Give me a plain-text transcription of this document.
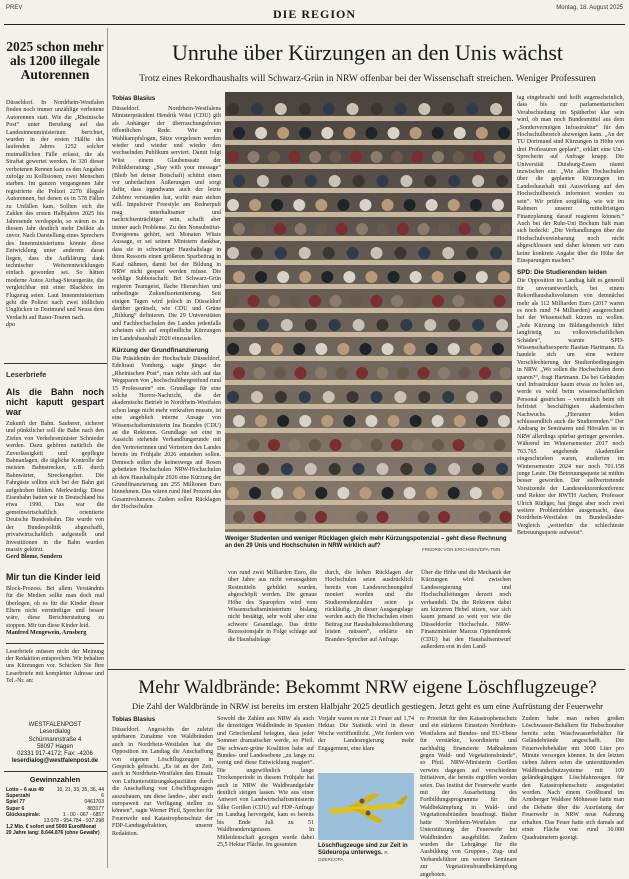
PREV	DIE REGION	Montag, 18. August 2025
2025 schon mehr als 1200 illegale Autorennen

Düsseldorf. In Nordrhein-Westfalen finden noch immer unzählige verbotene Autorennen statt. Wie die „Rheinische Post“ unter Berufung auf das Landesinnenministerium berichtet, wurden in der ersten Hälfte des laufenden Jahres 1252 solcher mutmaßlichen Fälle erfasst, die als Straftat gewertet werden. In 320 dieser verbotenen Rennen kam es den Angaben zufolge zu Kollisionen, zwei Menschen starben. Im ganzen vergangenen Jahr registrierte die Polizei 2270 illegale Autorennen, bei denen es in 578 Fällen zu Unfällen kam. Sollten sich die Zahlen des ersten Halbjahres 2025 bis Jahresende verdoppeln, so wären es in diesem Jahr deutlich mehr Delikte als zuvor. Nach Darstellung eines Sprechers des Innenministeriums könnte diese Entwicklung unter anderem daran liegen, dass die Aufklärung dank technischer Weiterentwicklungen einfach geworden sei. So hätten moderne Autos Airbag-Steuergeräte, die vergleichbar mit einer Blackbox im Flugzeug seien. Laut Innenministerium geht die Polizei nach zwei tödlichen Unglücken in Dortmund und Neuss dem Verdacht auf Raser-Touren nach.

dpa

Leserbriefe
Als die Bahn noch nicht kaputt gespart war

Zukunft der Bahn. Sauberer, sicherer und pünktlicher soll die Bahn nach den Zielen von Verkehrsminister Schnieder werden. Dazu gehören natürlich die Zuverlässigkeit und gepflegte Bahnanlagen, die tägliche Kontrolle der meisten Bahnstrecken, z.B. durch Bahnwärter, Streckengeher. Die Fahrgäste sollten sich bei der Bahn gut aufgehoben fühlen. Merkwürdig: Diese Eisenbahn hatten wir in Deutschland bis etwa 1990. Das war die gemeinwirtschaftlich orientierte Deutsche Bundesbahn. Die wurde von der Bundespolitik abgeschafft, privatwirtschaftlich aufgestellt und Investitionen in die Bahn wurden massiv gekürzt.

Gerd Blome, Sundern

Mir tun die Kinder leid

Block-Prozess. Bei allem Verständnis für die Medien sollte man doch mal überlegen, ob es für die Kinder dieser Eltern nicht vernünftiger und besser wäre, diese Berichterstattung zu stoppen. Mir tun diese Kinder leid.

Manfred Mengewein, Arnsberg

Leserbriefe müssen nicht der Meinung der Redaktion entsprechen. Wir behalten uns Kürzungen vor. Schicken Sie Ihre Leserbriefe mit kompletter Adresse und Tel.-Nr. an:

WESTFALENPOST
Leserdialog
Schürmannstraße 4
58097 Hagen
02331 917-4172; Fax: -4206
leserdialog@westfalenpost.de
Gewinnzahlen
Lotto – 6 aus 49	10, 21, 33, 35, 36, 44
Superzahl	6
Spiel 77	0461703
Super 6	883177
Glücksspirale:	1 - 00 - 067 - 6857
13.078 - 954.784 - 937.298
1,2 Mio. € sofort und 5000 Euro/Monat
20 Jahre lang: 8.644.876 (ohne Gewähr)
Unruhe über Kürzungen an den Unis wächst
Trotz eines Rekordhaushalts will Schwarz-Grün in NRW offenbar bei der Wissenschaft streichen. Weniger Professuren
Tobias Blasius

Düsseldorf. Nordrhein-Westfalens Ministerpräsident Hendrik Wüst (CDU) gilt als Anhänger der überraschungsfreien öffentlichen Rede. Wie ein Wahlkampfslogan, Sätze vorgelesen werden wieder und wieder und wieder den wechselnden Publikum serviert. Damit folgt Wüst einem Glaubenssatz der Politikberatung: „Stay with your message“ (Bleib bei deiner Botschaft) schützt einen vor unbedachten Äußerungen und sorgt dafür, dass irgendwann auch der letzte Zuhörer verstanden hat, wofür man stehen will. Impulsiver Freestyle am Rednerpult mag unterhaltsamer und nachrichtenträchtiger sein, schafft aber immer auch Probleme. Zu den Nonsubstitut-Evergreens gehört, seit Monaten Wüsts Aussage, er sei seinen Ministern dankbar, dass sie in schwieriger Haushaltslage in ihren Ressorts einen größeren Sparbeitrag in Kauf nähmen, damit bei der Bildung in NRW nicht gespart werden müsse. Die wohlige Subbotschaft: Bei Schwarz-Grün regieren Teamgeist, flache Hierarchien und unbedingte Zukunftsorientierung. Seit einigen Tagen wird jedoch in Düsseldorf darüber gerätselt, wie CDU und Grüne „Bildung“ definieren. Die 29 Universitäten und Fachhochschulen des Landes jedenfalls scheinen sich auf empfindliche Kürzungen im Landeshaushalt 2026 einzustellen.

Kürzung der Grundfinanzierung

Die Präsidentin der Hochschule Düsseldorf, Edeltraut Vomberg, sagte jüngst der „Rheinischen Post“, man richte sich auf das Wegsparen von „hochschulübergreifend rund 15 Professuren“ ein. Grundlage für eine solche Horror-Nachricht, die der akademische Betrieb in Nordrhein-Westfalen schon lange nicht mehr verkraften musste, ist eine angeblich interne Ansage von Wissenschaftsministerin Ina Brandes (CDU) an die Rektoren. Grundlage sei eine in Aussicht stehende Verhandlungsrunde mit den Vertreterinnen und Vertretern des Landes bereits im Frühjahr 2026 entstehen sollen. Dennoch sollen die keineswegs auf Rosen gebetteten Hochschulen NRW-Hochschulen ab dem Haushaltsjahr 2026 eine Kürzung der Grundfinanzierung um 255 Millionen Euro hinnehmen. Das wären rund fünf Prozent des Gesamtvolumens. Zudem sollen Rücklagen der Hochschulen

Weniger Studenten und weniger Rücklagen gleich mehr Kürzungspotenzial – geht diese Rechnung an den 29 Unis und Hochschulen in NRW wirklich auf?
FREDRIK VON ERICHSEN/DPA-TMN

von rund zwei Milliarden Euro, die über Jahre aus nicht verausgabten Restmitteln gebildet wurden, abgeschöpft werden. Die genaue Höhe des Sparopfers wird vom Wissenschaftsministerium bislang nicht bestätigt, sehr wohl aber eine schwere Gesamtlage. Das dritte Rezessionsjahr in Folge schlage auf die Haushaltslage

durch, die hohen Rücklagen der Hochschulen seien ausdrücklich bereits vom Landesrechnungshof moniert worden und die Studierendenzahlen seien ja rückläufig. „In dieser Ausgangslage werden auch die Hochschulen einen Beitrag zur Haushaltskonsolidierung leisten müssen“, erklärte ein Brandes-Sprecher auf Anfrage.

Über die Höhe und die Mechanik der Kürzungen wird zwischen Landesregierung und Hochschulleitungen derzeit noch verhandelt. Da die Rektoren dabei am kürzeren Hebel sitzen, war sich kaum jemand so weit vor wie die Düsseldorfer Hochschule. NRW-Finanzminister Marcus Optendenrek (CDU) hat den Haushaltsentwurf außerdem erst in den Land-

tag eingebracht und hofft augenscheinlich, dass bis zur parlamentarischen Verabschiedung im Spätherbst klar sein wird, ob man noch Bundesmittel aus dem „Sondervermögen Infrastruktur“ für den Hochschulbereich abzweigen kann. „An der TU Dortmund sind Kürzungen in Höhe von drei Professuren geplant“, erklärt eine Uni-Sprecherin auf Anfrage knapp. Die Universität Duisburg-Essen räumt inzwischen ein: „Wie allen Hochschulen über die geplanten Kürzungen im Landeshaushalt mit Auswirkung auf den Hochschulbereich informiert worden zu sein“. Wir prüfen sorgfältig, wie wir im Rahmen unserer mittelfristigen Finanzplanung darauf reagieren können.“ Auch bei der Ruhr-Uni Bochum hält man sich bedeckt: „Die Verhandlungen über die Hochschulvereinbarung noch nicht abgeschlossen und daher können wir zum keine konkrete Angabe über die Höhe der Einsparungen machen.“

SPD: Die Studierenden leiden

Die Opposition im Landtag hält es generell für unverantwortlich, bei einem Rekordhaushaltsvolumen von demnächst mehr als 112 Milliarden Euro (2017 waren es noch rund 74 Milliarden) ausgerechnet bei der Wissenschaft kürzen zu wollen. „Jede Kürzung im Bildungsbereich führt langfristig zu volkswirtschaftlichen Schäden“, warnte SPD-Wissenschaftsexperte Bastian Hartmann. Es handele sich um eine weitere Verschlechterung der Studienbedingungen in NRW. „Wo sollen die Hochschulen denn sparen?“, fragt Hartmann. Da bei Gebäuden und Infrastruktur kaum etwas zu holen sei, werde es wohl beim wissenschaftlichen Personal gestrichen – vermutlich beim oft befristet beschäftigten akademischen Nachwuchs. „Hierunter leiden schlussendlich auch die Studierenden.“ Der Andrang in Seminaren und Hörsälen ist in NRW allerdings spürbar geringer geworden. Während im Wintersemester 2017 noch 763.765 angehende Akademiker eingeschrieben waren, studierten im Wintersemester 2024 nur noch 701.158 junge Leute. Die Betreuungsquote ist mithin besser geworden. Der stellvertretende Vorsitzende der Landesrektorenkonferenz und Rektor der RWTH Aachen, Professor Ulrich Rüdiger, hat jüngst aber noch zwei weitere Problemfelder ausgemacht, dass Nordrhein-Westfalen im Bundesländer-Vergleich „weiterhin die schlechteste Betreuungsquote aufweist“.

Mehr Waldbrände: Bekommt NRW eigene Löschflugzeuge?
Die Zahl der Waldbrände in NRW ist bereits im ersten Halbjahr 2025 deutlich gestiegen. Jetzt geht es um eine Aufrüstung der Feuerwehr
Tobias Blasius

Düsseldorf. Angesichts der zuletzt spürbaren Zunahme von Waldbränden auch in Nordrhein-Westfalen hat die Opposition im Landtag die Anschaffung von eigenen Löschflugzeugen in Gespräch gebracht. „Es ist an der Zeit, auch in Nordrhein-Westfalen den Einsatz von Luftunterstützungskapazitäten durch die Anschaffung von Löschflugzeugen auszubauen, um diese landes-, aber auch europaweit zur Verfügung stellen zu können“, sagte Werner Pfeil, Sprecher für Feuerwehr und Katastrophenschutz der FDP-Landtagsfraktion, unserer Redaktion.

Sowohl die Zahlen aus NRW als auch die derzeitigen Waldbrände in Spanien und Griechenland belegten, dass jeder Sommer dramatischer werde, so Pfeil. Die schwarz-grüne Koalition habe auf Bundes- und Landesebene „zu lange zu wenig und diese Entwicklung reagiert“. Die ungewöhnlich lange Trockenperiode in diesem Frühjahr hat auch in NRW die Waldbrandgefahr deutlich steigen lassen. Wie aus einer Antwort von Landwirtschaftsministerin Silke Gorißen (CDU) auf FDP-Anfrage im Landtag hervorgeht, kam es bereits bis Ende Juli zu 51 Waldbrandereignissen. In Mitleidenschaft gezogen wurde dabei 25,5 Hektar Fläche. Im gesamten

Vorjahr waren es nur 21 Feuer auf 1,74 Hektar. Die Statistik wird in dieser Woche veröffentlicht. „Wir fordern von der Landesregierung mehr Engagement, eine klare

Löschflugzeuge sind zur Zeit in Südeuropa unterwegs. R. OZERCOPA

re Priorität für den Katastrophenschutz und ein stärkeres Einsetzen Nordrhein-Westfalens auf Bundes- und EU-Ebene für verstärkte, koordinierte und nachhaltig finanzierte Maßnahmen gegen Wald- und Vegetationsbrände“, so Pfeil. NRW-Ministerin Gorißen verwies dagegen auf verschiedene Initiativen, die bereits ergriffen worden seien. Das Institut der Feuerwehr wurde mit der Ausarbeitung des Fortbildungsprogramms für die Waldbekämpfung in Wald- und Vegetationsbränden beauftragt. Bisher hatte Nordrhein-Westfalen zur Unterstützung der Feuerwehr bei Waldbränden ausgebildet. Zudem wurden die Lehrgänge für die Ausbildung von Gruppen-, Zug- und Verbandsführer um weitere Seminare zur Vegetationsbrandbekämpfung angeboten.

Zudem habe man neben großen Löschwasser-Behältern für Hubschrauber bereits zehn Waschwasserbehälter für Geländebrände angeschafft. Die Feuerwehrbehälter mit 3000 Liter pro Minute versorgen können. In den letzten sieben Jahren seien die unterstützenden Waldbrandschutzsysteme mit 109 geländegängigen Löschfahrzeugen für den Katastrophenschutz ausgestattet worden. Nach einem Großbrand im Arnsberger Waldsee Möhnesee hätte man die Debatte über die Ausrüstung der Feuerwehr in NRW neue Nahrung erhalten. Das Feuer hatte sich damals auf einer Fläche von rund 30.000 Quadratmetern gezeigt.
